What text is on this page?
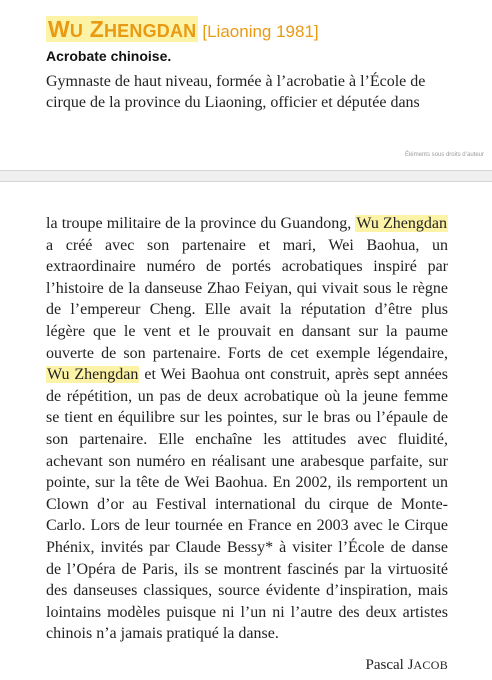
WU ZHENGDAN [Liaoning 1981]
Acrobate chinoise.
Gymnaste de haut niveau, formée à l’acrobatie à l’École de cirque de la province du Liaoning, officier et députée dans
Éléments sous droits d’auteur
la troupe militaire de la province du Guandong, Wu Zhengdan a créé avec son partenaire et mari, Wei Baohua, un extraordinaire numéro de portés acrobatiques inspiré par l’histoire de la danseuse Zhao Feiyan, qui vivait sous le règne de l’empereur Cheng. Elle avait la réputation d’être plus légère que le vent et le prouvait en dansant sur la paume ouverte de son partenaire. Forts de cet exemple légendaire, Wu Zhengdan et Wei Baohua ont construit, après sept années de répétition, un pas de deux acrobatique où la jeune femme se tient en équilibre sur les pointes, sur le bras ou l’épaule de son partenaire. Elle enchaîne les attitudes avec fluidité, achevant son numéro en réalisant une arabesque parfaite, sur pointe, sur la tête de Wei Baohua. En 2002, ils remportent un Clown d’or au Festival international du cirque de Monte-Carlo. Lors de leur tournée en France en 2003 avec le Cirque Phénix, invités par Claude Bessy* à visiter l’École de danse de l’Opéra de Paris, ils se montrent fascinés par la virtuosité des danseuses classiques, source évidente d’inspiration, mais lointains modèles puisque ni l’un ni l’autre des deux artistes chinois n’a jamais pratiqué la danse.
Pascal JACOB
